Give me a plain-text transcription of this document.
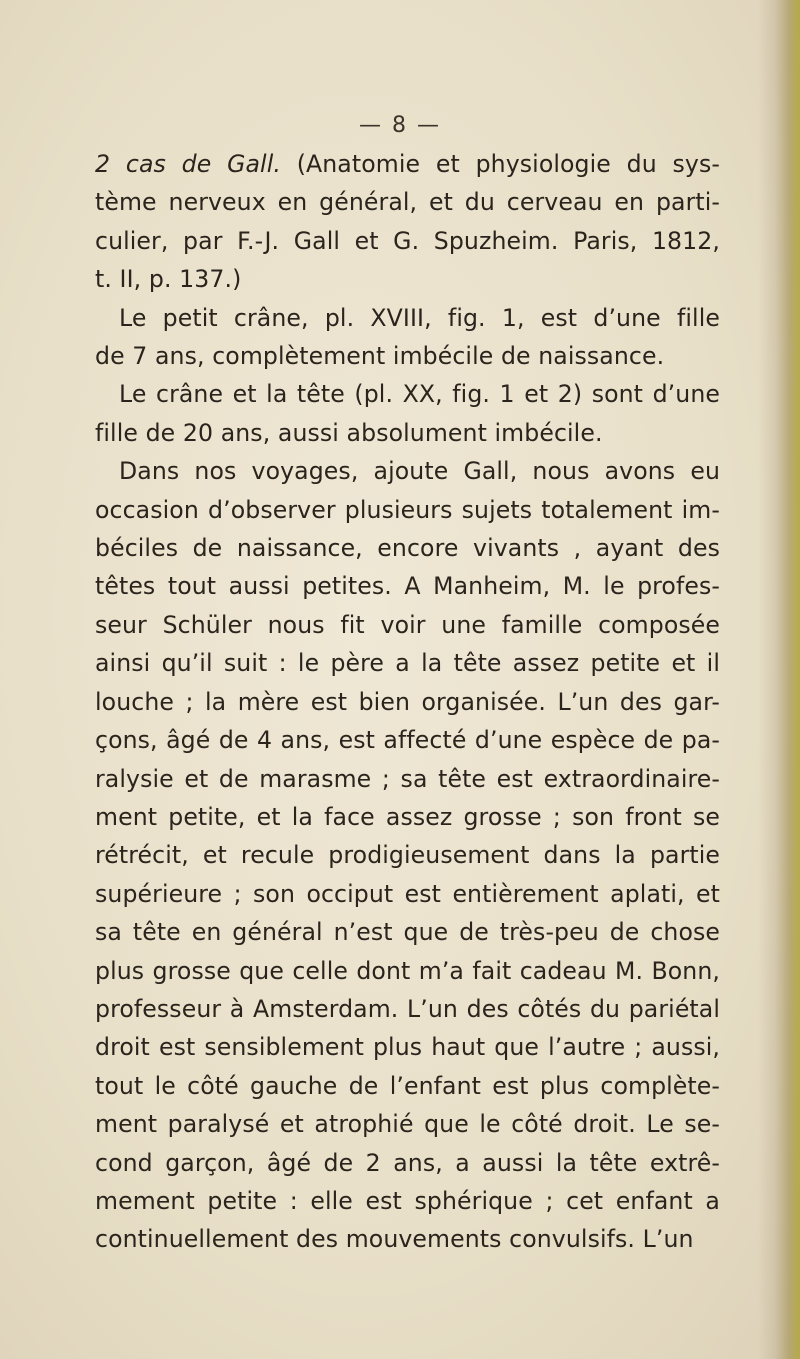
— 8 —
2 cas de Gall. (Anatomie et physiologie du sys-
tème nerveux en général, et du cerveau en parti-
culier, par F.-J. Gall et G. Spuzheim. Paris, 1812,
t. II, p. 137.)
Le petit crâne, pl. XVIII, fig. 1, est d’une fille
de 7 ans, complètement imbécile de naissance.
Le crâne et la tête (pl. XX, fig. 1 et 2) sont d’une
fille de 20 ans, aussi absolument imbécile.
Dans nos voyages, ajoute Gall, nous avons eu
occasion d’observer plusieurs sujets totalement im-
béciles de naissance, encore vivants , ayant des
têtes tout aussi petites. A Manheim, M. le profes-
seur Schüler nous fit voir une famille composée
ainsi qu’il suit : le père a la tête assez petite et il
louche ; la mère est bien organisée. L’un des gar-
çons, âgé de 4 ans, est affecté d’une espèce de pa-
ralysie et de marasme ; sa tête est extraordinaire-
ment petite, et la face assez grosse ; son front se
rétrécit, et recule prodigieusement dans la partie
supérieure ; son occiput est entièrement aplati, et
sa tête en général n’est que de très-peu de chose
plus grosse que celle dont m’a fait cadeau M. Bonn,
professeur à Amsterdam. L’un des côtés du pariétal
droit est sensiblement plus haut que l’autre ; aussi,
tout le côté gauche de l’enfant est plus complète-
ment paralysé et atrophié que le côté droit. Le se-
cond garçon, âgé de 2 ans, a aussi la tête extrê-
mement petite : elle est sphérique ; cet enfant a
continuellement des mouvements convulsifs. L’un
